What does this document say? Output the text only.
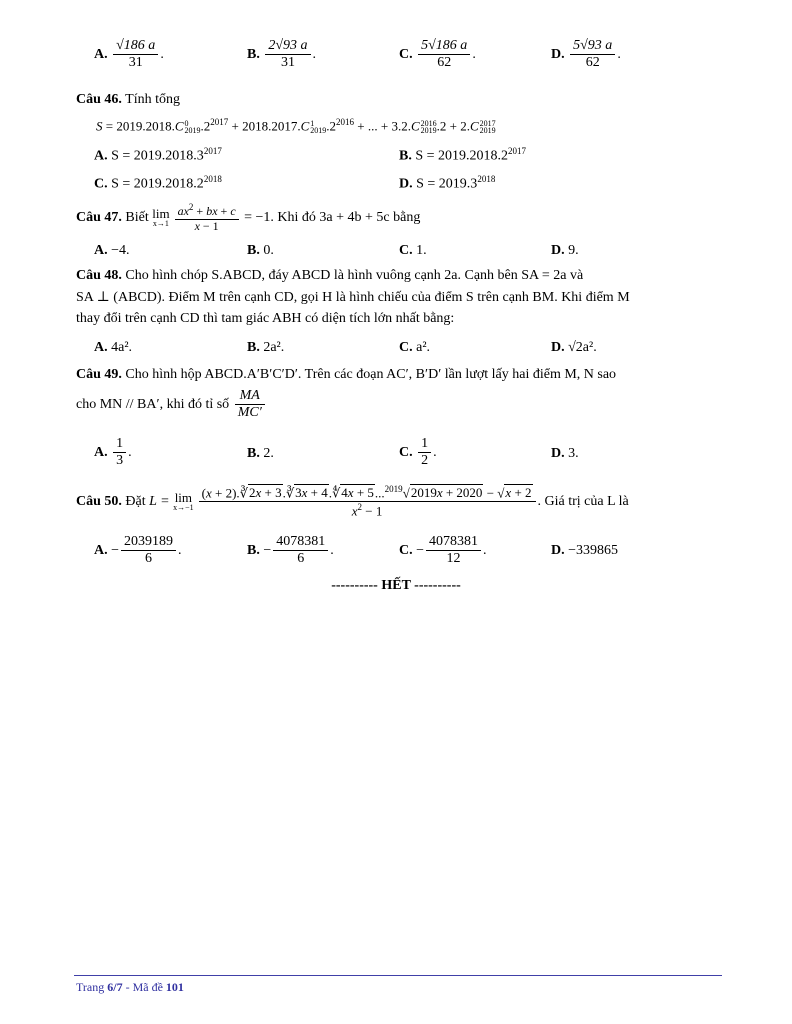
A. $\frac{√186 a}{31}$ .	B. $\frac{2√93 a}{31}$ .	C. $\frac{5√186 a}{62}$ .	D. $\frac{5√93 a}{62}$ .
Câu 46. Tính tổng
S = 2019.2018.C 0
2019 $.2^{2017} + 2018.2017.C$ 1
2019 $.2^{2016}$ + ... + 3.2.C 2016
2019 .2 + 2.C 2017
2019
A. $S = 2019.2018.3^{2017}$	B. $S = 2019.2018.2^{2017}$
C. $S = 2019.2018.2^{2018}$	D. $S = 2019.3^{2018}$
Câu 47. Biết lim
$x\to 1 \frac{ax^2 + bx + c}{x - 1} = -1$. Khi đó 3a + 4b + 5c bằng
A. −4.	B. 0.	C. 1.	D. 9.
Câu 48. Cho hình chóp S.ABCD, đáy ABCD là hình vuông cạnh 2a. Cạnh bên SA = 2a và
SA ⊥ (ABCD). Điểm M trên cạnh CD, gọi H là hình chiếu của điểm S trên cạnh BM. Khi điểm M
thay đổi trên cạnh CD thì tam giác ABH có diện tích lớn nhất bằng:
A. 4a².	B. 2a².	C. a².	D. √2a².
Câu 49. Cho hình hộp ABCD.A′B′C′D′. Trên các đoạn AC′, B′D′ lần lượt lấy hai điểm M, N sao
cho MN // BA′, khi đó tỉ số $\frac{MA}{MC'}$
A. $\frac{1}{3}$ .	B. 2.	C. $\frac{1}{2}$ .	D. 3.
Câu 50. Đặt L = lim
$x\to-1 \frac{(x + 2).∛2x + 3.∛3x + 4.∜4x + 5...^{2019}√2019x + 2020 - √x + 2}{x^2 - 1}$ . Giá trị của L là
A. − $\frac{2039189}{6}$ .	B. − $\frac{4078381}{6}$ .	C. − $\frac{4078381}{12}$ .	D. −339865
---------- HẾT ----------
Trang 6/7 - Mã đề 101
